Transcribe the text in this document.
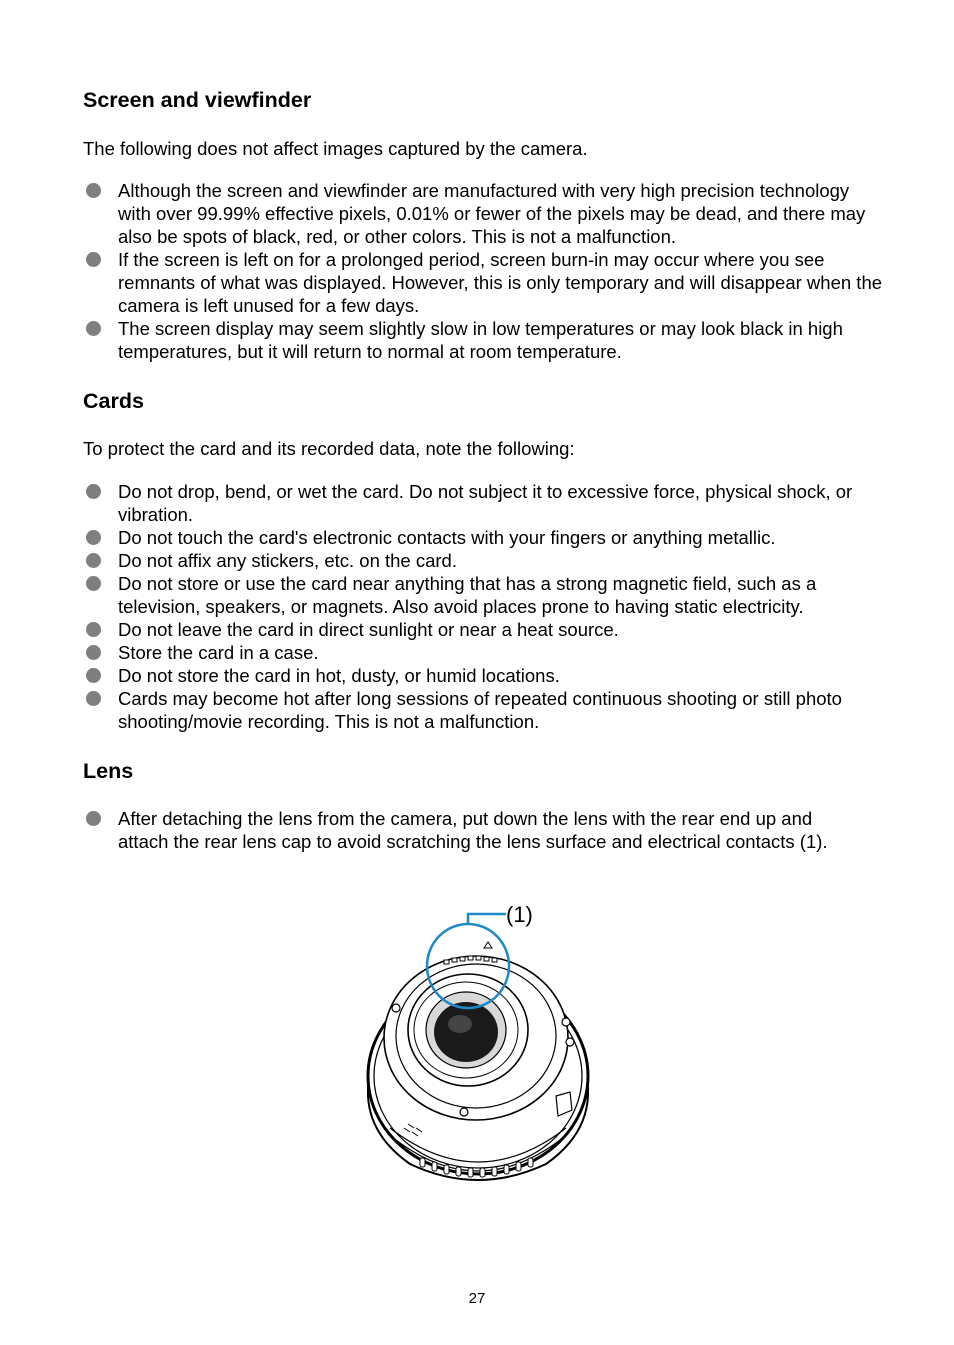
Screen and viewfinder

The following does not affect images captured by the camera.

Although the screen and viewfinder are manufactured with very high precision technology with over 99.99% effective pixels, 0.01% or fewer of the pixels may be dead, and there may also be spots of black, red, or other colors. This is not a malfunction.
If the screen is left on for a prolonged period, screen burn-in may occur where you see remnants of what was displayed. However, this is only temporary and will disappear when the camera is left unused for a few days.
The screen display may seem slightly slow in low temperatures or may look black in high temperatures, but it will return to normal at room temperature.
Cards

To protect the card and its recorded data, note the following:

Do not drop, bend, or wet the card. Do not subject it to excessive force, physical shock, or vibration.
Do not touch the card's electronic contacts with your fingers or anything metallic.
Do not affix any stickers, etc. on the card.
Do not store or use the card near anything that has a strong magnetic field, such as a television, speakers, or magnets. Also avoid places prone to having static electricity.
Do not leave the card in direct sunlight or near a heat source.
Store the card in a case.
Do not store the card in hot, dusty, or humid locations.
Cards may become hot after long sessions of repeated continuous shooting or still photo shooting/movie recording. This is not a malfunction.
Lens
After detaching the lens from the camera, put down the lens with the rear end up and attach the rear lens cap to avoid scratching the lens surface and electrical contacts (1).
(1)
27
